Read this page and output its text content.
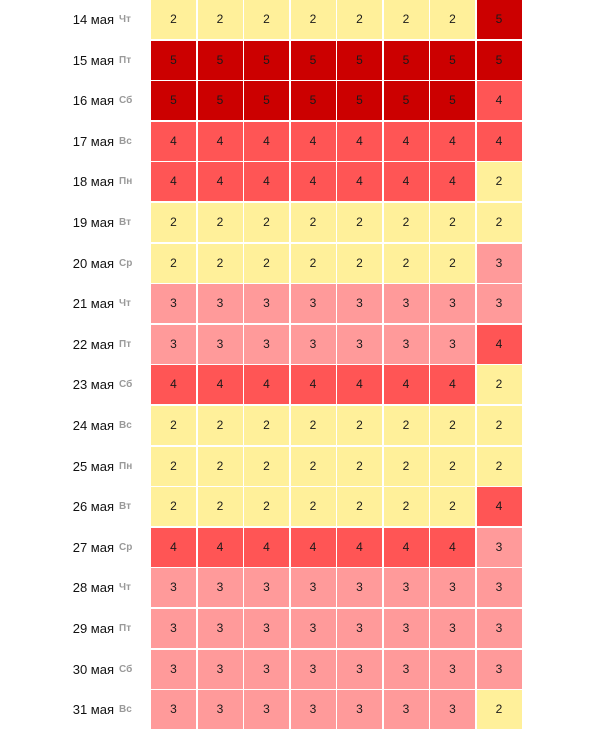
14 мая Чт	2	2	2	2	2	2	2	5
15 мая Пт	5	5	5	5	5	5	5	5
16 мая Сб	5	5	5	5	5	5	5	4
17 мая Вс	4	4	4	4	4	4	4	4
18 мая Пн	4	4	4	4	4	4	4	2
19 мая Вт	2	2	2	2	2	2	2	2
20 мая Ср	2	2	2	2	2	2	2	3
21 мая Чт	3	3	3	3	3	3	3	3
22 мая Пт	3	3	3	3	3	3	3	4
23 мая Сб	4	4	4	4	4	4	4	2
24 мая Вс	2	2	2	2	2	2	2	2
25 мая Пн	2	2	2	2	2	2	2	2
26 мая Вт	2	2	2	2	2	2	2	4
27 мая Ср	4	4	4	4	4	4	4	3
28 мая Чт	3	3	3	3	3	3	3	3
29 мая Пт	3	3	3	3	3	3	3	3
30 мая Сб	3	3	3	3	3	3	3	3
31 мая Вс	3	3	3	3	3	3	3	2
